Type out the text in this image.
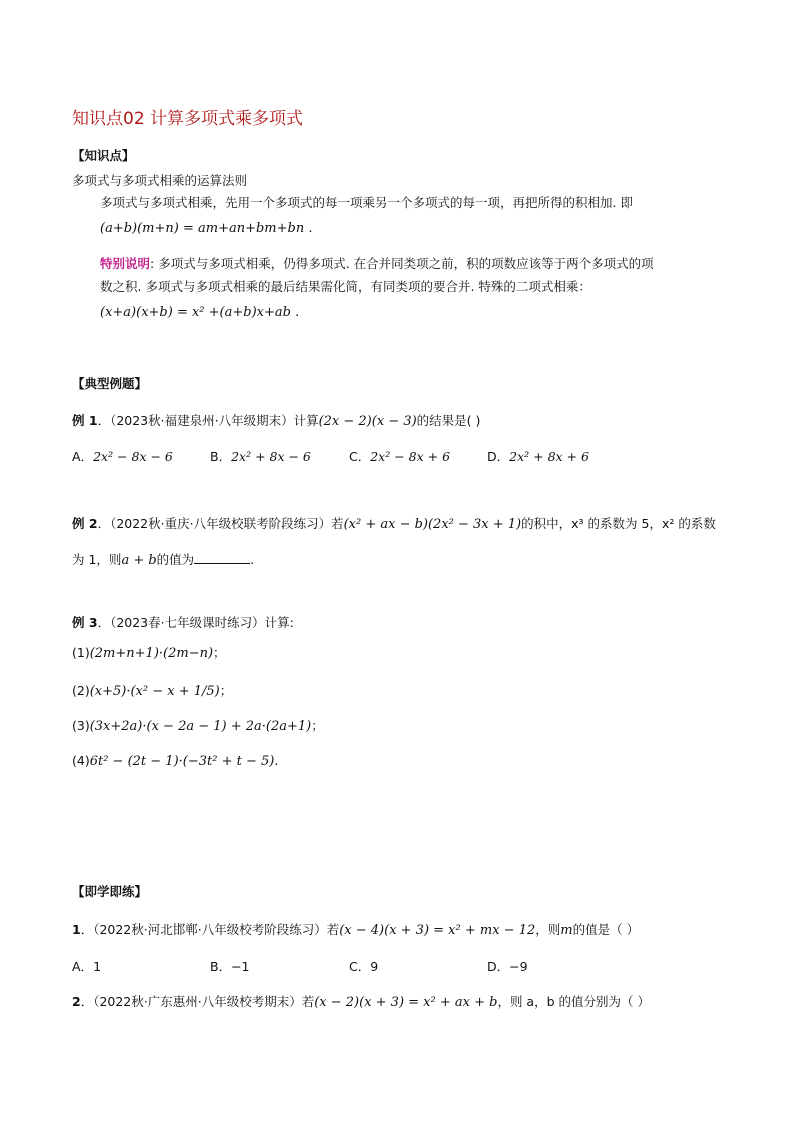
知识点02 计算多项式乘多项式
【知识点】
多项式与多项式相乘的运算法则
多项式与多项式相乘，先用一个多项式的每一项乘另一个多项式的每一项，再把所得的积相加. 即
(a+b)(m+n) = am+an+bm+bn .
特别说明: 多项式与多项式相乘，仍得多项式. 在合并同类项之前，积的项数应该等于两个多项式的项
数之积. 多项式与多项式相乘的最后结果需化简，有同类项的要合并. 特殊的二项式相乘：
(x+a)(x+b) = x² +(a+b)x+ab .
【典型例题】
例 1．（2023秋·福建泉州·八年级期末）计算(2x − 2)(x − 3)的结果是( )
A．2x² − 8x − 6	B．2x² + 8x − 6	C．2x² − 8x + 6	D．2x² + 8x + 6
例 2．（2022秋·重庆·八年级校联考阶段练习）若(x² + ax − b)(2x² − 3x + 1)的积中，x³ 的系数为 5，x² 的系数
为 1，则a + b的值为	.
例 3．（2023春·七年级课时练习）计算:
(1)(2m+n+1)·(2m−n)；
(2)(x+5)·(x² − x + 1/5)；
(3)(3x+2a)·(x − 2a − 1) + 2a·(2a+1)；
(4)6t² − (2t − 1)·(−3t² + t − 5).
【即学即练】
1．（2022秋·河北邯郸·八年级校考阶段练习）若(x − 4)(x + 3) = x² + mx − 12，则m的值是（ ）
A．1	B．−1	C．9	D．−9
2．（2022秋·广东惠州·八年级校考期末）若(x − 2)(x + 3) = x² + ax + b，则 a，b 的值分别为（ ）
